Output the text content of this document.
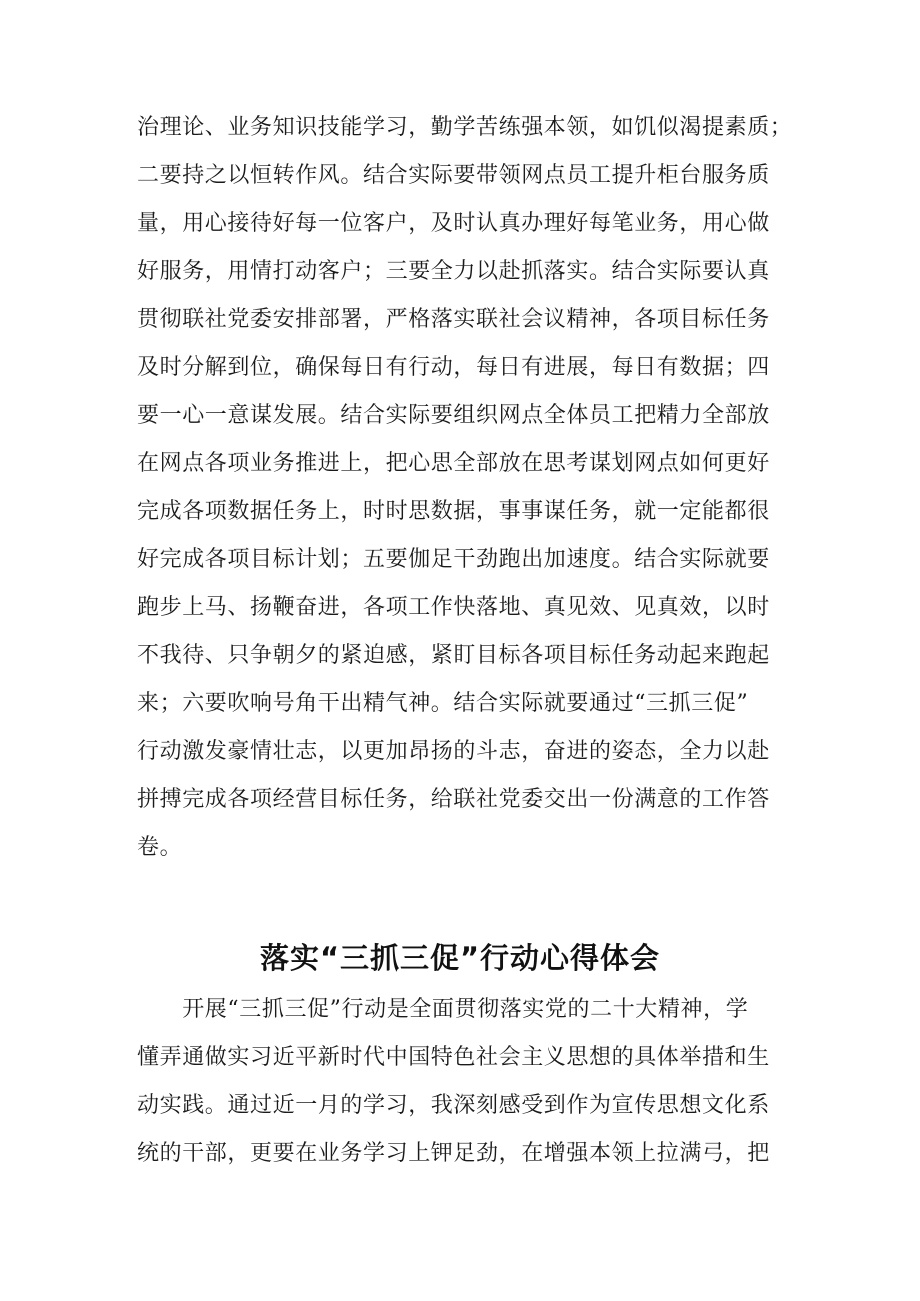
治理论、业务知识技能学习，勤学苦练强本领，如饥似渴提素质；
二要持之以恒转作风。结合实际要带领网点员工提升柜台服务质
量，用心接待好每一位客户，及时认真办理好每笔业务，用心做
好服务，用情打动客户；三要全力以赴抓落实。结合实际要认真
贯彻联社党委安排部署，严格落实联社会议精神，各项目标任务
及时分解到位，确保每日有行动，每日有进展，每日有数据；四
要一心一意谋发展。结合实际要组织网点全体员工把精力全部放
在网点各项业务推进上，把心思全部放在思考谋划网点如何更好
完成各项数据任务上，时时思数据，事事谋任务，就一定能都很
好完成各项目标计划；五要伽足干劲跑出加速度。结合实际就要
跑步上马、扬鞭奋进，各项工作快落地、真见效、见真效，以时
不我待、只争朝夕的紧迫感，紧盯目标各项目标任务动起来跑起
来；六要吹响号角干出精气神。结合实际就要通过“三抓三促”
行动激发豪情壮志，以更加昂扬的斗志，奋进的姿态，全力以赴
拼搏完成各项经营目标任务，给联社党委交出一份满意的工作答
卷。
落实“三抓三促”行动心得体会
　　开展“三抓三促”行动是全面贯彻落实党的二十大精神，学
懂弄通做实习近平新时代中国特色社会主义思想的具体举措和生
动实践。通过近一月的学习，我深刻感受到作为宣传思想文化系
统的干部，更要在业务学习上钾足劲，在增强本领上拉满弓，把
